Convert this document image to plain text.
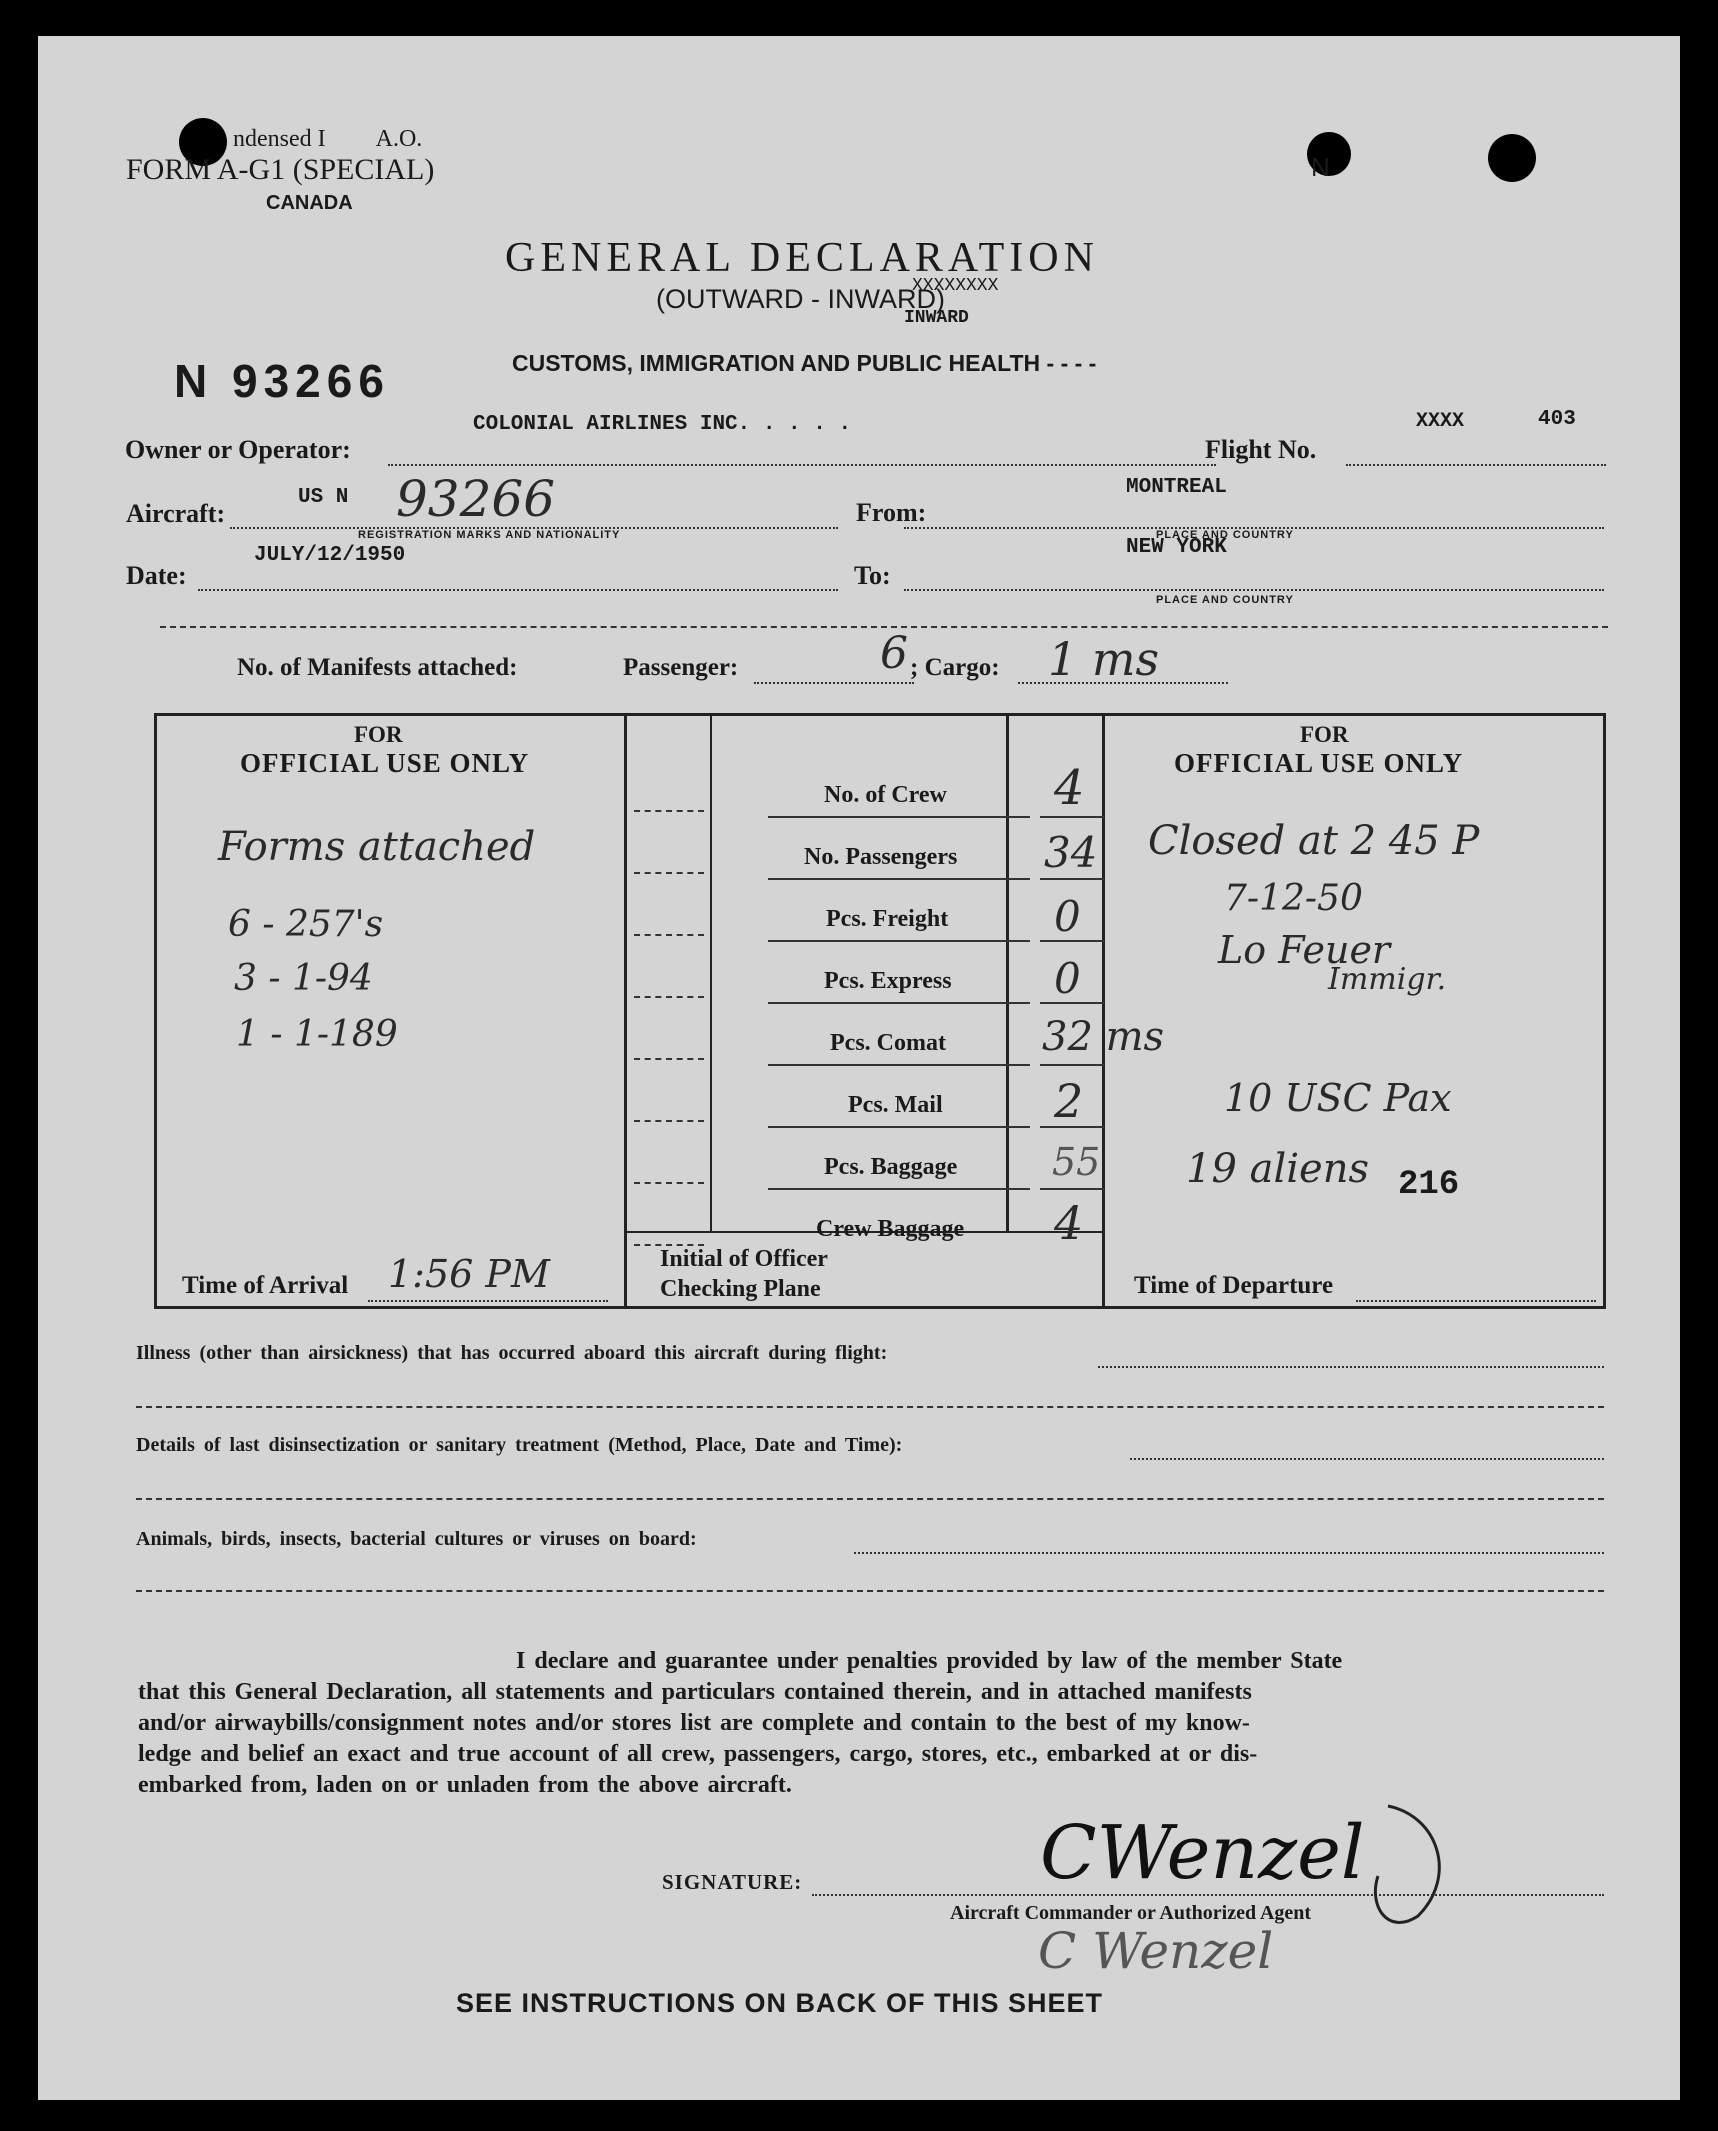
ndensed I A.O.
FORM A-G1 (SPECIAL)
CANADA
N
GENERAL DECLARATION
(OUTWARD - INWARD)
XXXXXXXX
INWARD
N 93266	CUSTOMS, IMMIGRATION AND PUBLIC HEALTH - - - -
Owner or Operator:
COLONIAL AIRLINES INC. . . . .
Flight No.
XXXX	403
Aircraft:
US N 93266
REGISTRATION MARKS AND NATIONALITY
From:
MONTREAL
PLACE AND COUNTRY
Date:
JULY/12/1950
To:
NEW YORK
PLACE AND COUNTRY
No. of Manifests attached:	Passenger:	6 ; Cargo: 1 ms
FOR
OFFICIAL USE ONLY
Forms attached
6 - 257's
3 - 1-94
1 - 1-189
Time of Arrival 1:56 PM
No. of Crew 4
No. Passengers 34
Pcs. Freight	0
Pcs. Express 0
Pcs. Comat 32 ms
Pcs. Mail 2
Pcs. Baggage 55
Crew Baggage 4
Initial of Officer
Checking Plane
FOR
OFFICIAL USE ONLY
Closed at 2 45 P
7-12-50
Lo Feuer
Immigr.
10 USC Pax
19 aliens 216
Time of Departure
Illness (other than airsickness) that has occurred aboard this aircraft during flight:
Details of last disinsectization or sanitary treatment (Method, Place, Date and Time):
Animals, birds, insects, bacterial cultures or viruses on board:
I declare and guarantee under penalties provided by law of the member State
that this General Declaration, all statements and particulars contained therein, and in attached manifests
and/or airwaybills/consignment notes and/or stores list are complete and contain to the best of my know-
ledge and belief an exact and true account of all crew, passengers, cargo, stores, etc., embarked at or dis-
embarked from, laden on or unladen from the above aircraft.
SIGNATURE:	CWenzel
Aircraft Commander or Authorized Agent
C Wenzel
SEE INSTRUCTIONS ON BACK OF THIS SHEET
